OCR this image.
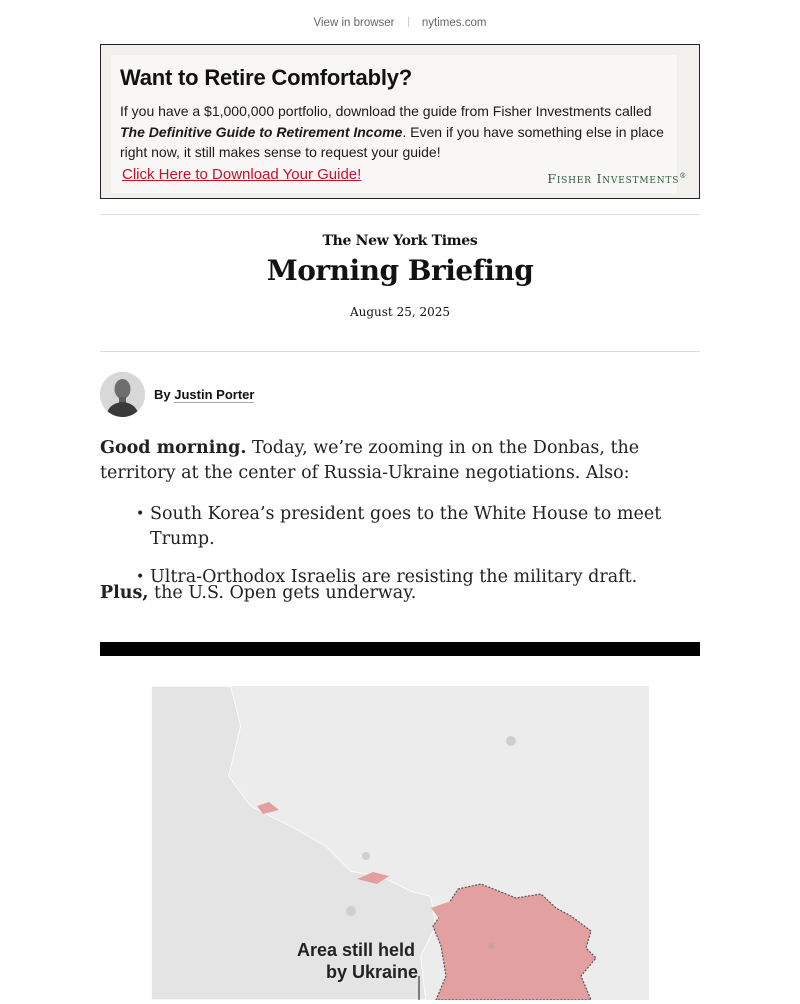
View in browser nytimes.com
Want to Retire Comfortably?
If you have a $1,000,000 portfolio, download the guide from Fisher Investments called The Definitive Guide to Retirement Income. Even if you have something else in place right now, it still makes sense to request your guide!
Click Here to Download Your Guide!	Fisher Investments®
The New York Times
Morning Briefing
August 25, 2025
By Justin Porter
Good morning. Today, we’re zooming in on the Donbas, the territory at the center of Russia-Ukraine negotiations. Also:
• South Korea’s president goes to the White House to meet Trump.
• Ultra-Orthodox Israelis are resisting the military draft.
Plus, the U.S. Open gets underway.
Area still held
by Ukraine
